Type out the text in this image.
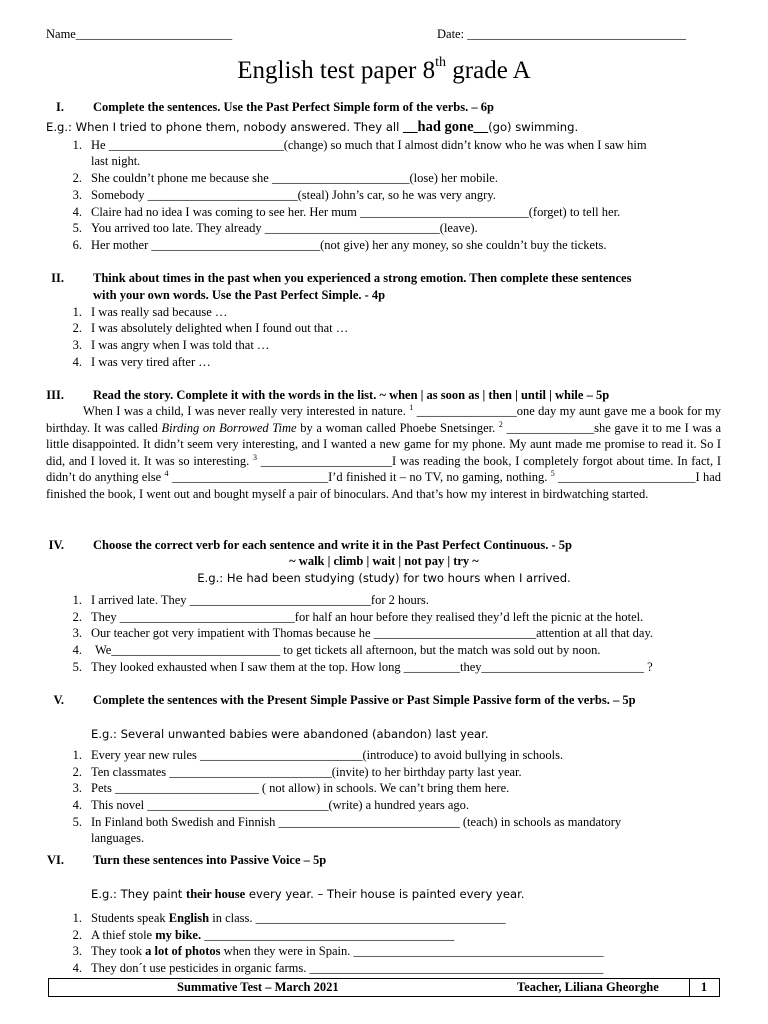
Name_________________________	Date: ___________________________________
English test paper 8th grade A
I. Complete the sentences. Use the Past Perfect Simple form of the verbs. – 6p
E.g.: When I tried to phone them, nobody answered. They all __had gone__(go) swimming.
1. He ____________________________(change) so much that I almost didn’t know who he was when I saw him
last night.
2. She couldn’t phone me because she ______________________(lose) her mobile.
3. Somebody ________________________(steal) John’s car, so he was very angry.
4. Claire had no idea I was coming to see her. Her mum ___________________________(forget) to tell her.
5. You arrived too late. They already ____________________________(leave).
6. Her mother ___________________________(not give) her any money, so she couldn’t buy the tickets.
II. Think about times in the past when you experienced a strong emotion. Then complete these sentences
with your own words. Use the Past Perfect Simple. - 4p
1. I was really sad because …
2. I was absolutely delighted when I found out that …
3. I was angry when I was told that …
4. I was very tired after …
III. Read the story. Complete it with the words in the list. ~ when | as soon as | then | until | while – 5p
When I was a child, I was never really very interested in nature. $^1$ ________________one day my aunt gave me a book for my birthday. It was called Birding on Borrowed Time by a woman called Phoebe Snetsinger. $^2$ ______________she gave it to me I was a little disappointed. It didn’t seem very interesting, and I wanted a new game for my phone. My aunt made me promise to read it. So I did, and I loved it. It was so interesting. $^3$ _____________________I was reading the book, I completely forgot about time. In fact, I didn’t do anything else $^4$ _________________________I’d finished it – no TV, no gaming, nothing. $^5$ ______________________I had finished the book, I went out and bought myself a pair of binoculars. And that’s how my interest in birdwatching started.
IV. Choose the correct verb for each sentence and write it in the Past Perfect Continuous. - 5p
~ walk | climb | wait | not pay | try ~
E.g.: He had been studying (study) for two hours when I arrived.
1. I arrived late. They _____________________________for 2 hours.
2. They ____________________________for half an hour before they realised they’d left the picnic at the hotel.
3. Our teacher got very impatient with Thomas because he __________________________attention at all that day.
4. We___________________________ to get tickets all afternoon, but the match was sold out by noon.
5. They looked exhausted when I saw them at the top. How long _________they__________________________ ?
V. Complete the sentences with the Present Simple Passive or Past Simple Passive form of the verbs. – 5p
E.g.: Several unwanted babies were abandoned (abandon) last year.
1. Every year new rules __________________________(introduce) to avoid bullying in schools.
2. Ten classmates __________________________(invite) to her birthday party last year.
3. Pets _______________________ ( not allow) in schools. We can’t bring them here.
4. This novel _____________________________(write) a hundred years ago.
5. In Finland both Swedish and Finnish _____________________________ (teach) in schools as mandatory
languages.
VI. Turn these sentences into Passive Voice – 5p
E.g.: They paint their house every year. – Their house is painted every year.
1. Students speak English in class. ________________________________________
2. A thief stole my bike. ________________________________________
3. They took a lot of photos when they were in Spain. ________________________________________
4. They don´t use pesticides in organic farms. _______________________________________________
Summative Test – March 2021	Teacher, Liliana Gheorghe	1
